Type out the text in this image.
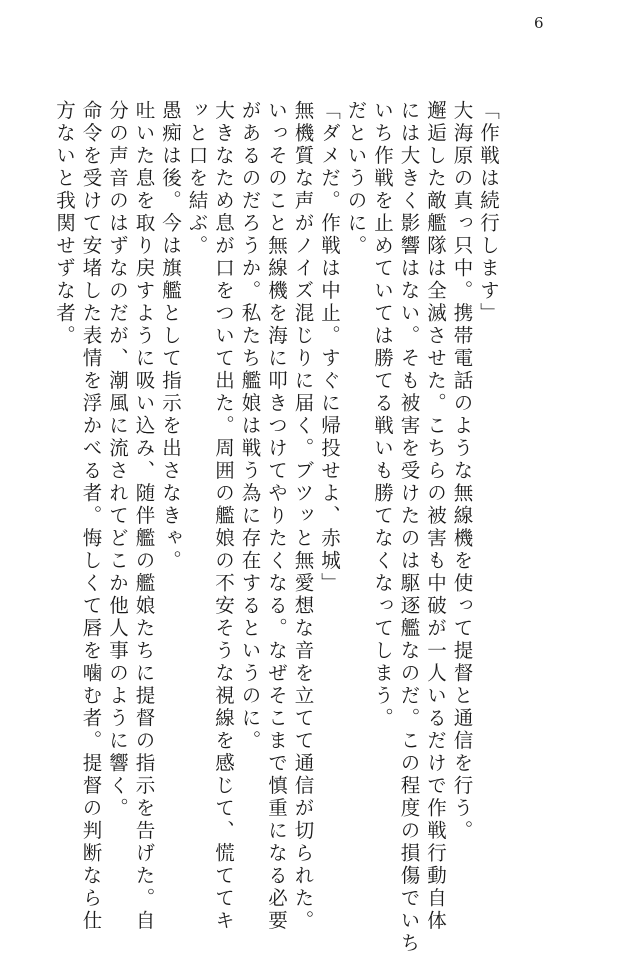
6
「作戦は続行します」
大海原の真っ只中。携帯電話のような無線機を使って提督と通信を行う。
邂逅した敵艦隊は全滅させた。こちらの被害も中破が一人いるだけで作戦行動自体
には大きく影響はない。そも被害を受けたのは駆逐艦なのだ。この程度の損傷でいち
いち作戦を止めていては勝てる戦いも勝てなくなってしまう。
だというのに。
「ダメだ。作戦は中止。すぐに帰投せよ、赤城」
無機質な声がノイズ混じりに届く。ブツッと無愛想な音を立てて通信が切られた。
いっそのこと無線機を海に叩きつけてやりたくなる。なぜそこまで慎重になる必要
があるのだろうか。私たち艦娘は戦う為に存在するというのに。
大きなため息が口をついて出た。周囲の艦娘の不安そうな視線を感じて、慌ててキ
ッと口を結ぶ。
愚痴は後。今は旗艦として指示を出さなきゃ。
吐いた息を取り戻すように吸い込み、随伴艦の艦娘たちに提督の指示を告げた。自
分の声音のはずなのだが、潮風に流されてどこか他人事のように響く。
命令を受けて安堵した表情を浮かべる者。悔しくて唇を噛む者。提督の判断なら仕
方ないと我関せずな者。
